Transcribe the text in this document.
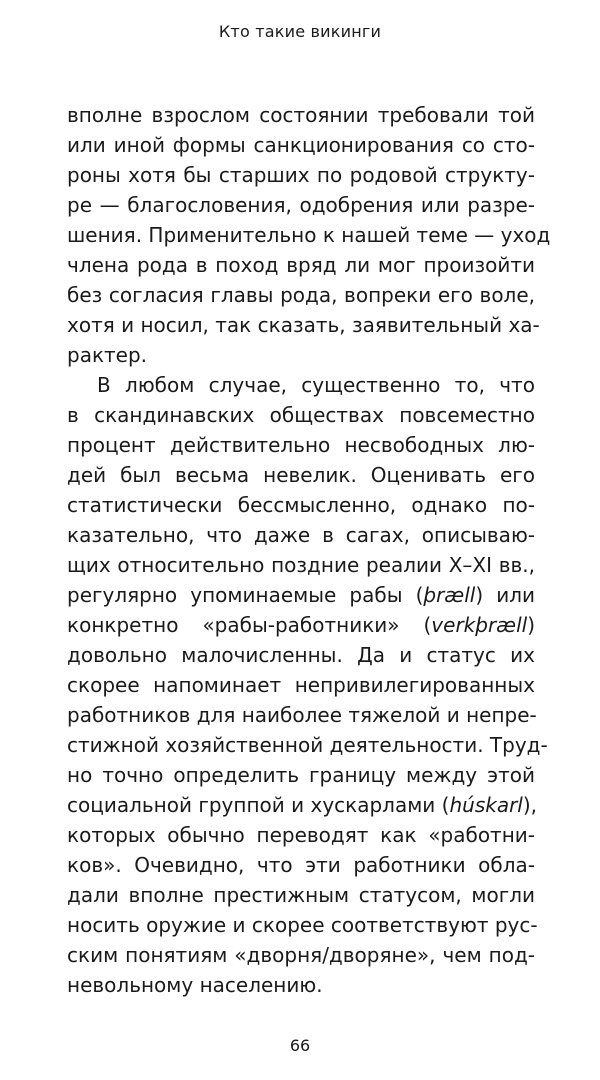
Кто такие викинги
вполне взрослом состоянии требовали той
или иной формы санкционирования со сто-
роны хотя бы старших по родовой структу-
ре — благословения, одобрения или разре-
шения. Применительно к нашей теме — уход
члена рода в поход вряд ли мог произойти
без согласия главы рода, вопреки его воле,
хотя и носил, так сказать, заявительный ха-
рактер.
В любом случае, существенно то, что
в скандинавских обществах повсеместно
процент действительно несвободных лю-
дей был весьма невелик. Оценивать его
статистически бессмысленно, однако по-
казательно, что даже в сагах, описываю-
щих относительно поздние реалии X–XI вв.,
регулярно упоминаемые рабы (þræll) или
конкретно «рабы-работники» (verkþræll)
довольно малочисленны. Да и статус их
скорее напоминает непривилегированных
работников для наиболее тяжелой и непре-
стижной хозяйственной деятельности. Труд-
но точно определить границу между этой
социальной группой и хускарлами (húskarl),
которых обычно переводят как «работни-
ков». Очевидно, что эти работники обла-
дали вполне престижным статусом, могли
носить оружие и скорее соответствуют рус-
ским понятиям «дворня/дворяне», чем под-
невольному населению.
66
